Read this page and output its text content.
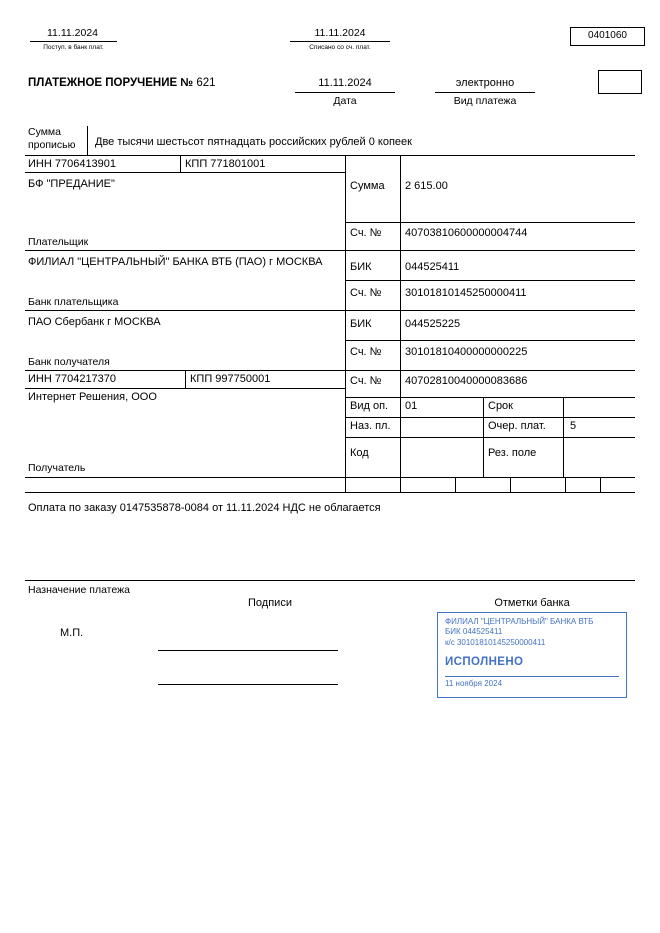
11.11.2024
Поступ. в банк плат.
11.11.2024
Списано со сч. плат.
0401060
ПЛАТЕЖНОЕ ПОРУЧЕНИЕ № 621	11.11.2024
Дата
электронно
Вид платежа
Сумма прописью	Две тысячи шестьсот пятнадцать российских рублей 0 копеек
ИНН 7706413901	КПП 771801001
БФ "ПРЕДАНИЕ"
Плательщик
Сумма 2 615.00
Сч. № 40703810600000004744
ФИЛИАЛ "ЦЕНТРАЛЬНЫЙ" БАНКА ВТБ (ПАО) г МОСКВА
Банк плательщика
БИК	044525411
Сч. № 30101810145250000411
ПАО Сбербанк г МОСКВА
Банк получателя
БИК	044525225
Сч. № 30101810400000000225
ИНН 7704217370	КПП 997750001
Интернет Решения, ООО
Получатель
Сч. № 40702810040000083686
Вид оп. 01	Срок
Наз. пл.	Очер. плат. 5
Код	Рез. поле
Оплата по заказу 0147535878-0084 от 11.11.2024 НДС не облагается
Назначение платежа
Подписи	Отметки банка
М.П.
ФИЛИАЛ "ЦЕНТРАЛЬНЫЙ" БАНКА ВТБ
БИК 044525411
к/с 30101810145250000411
ИСПОЛНЕНО
11 ноября 2024
